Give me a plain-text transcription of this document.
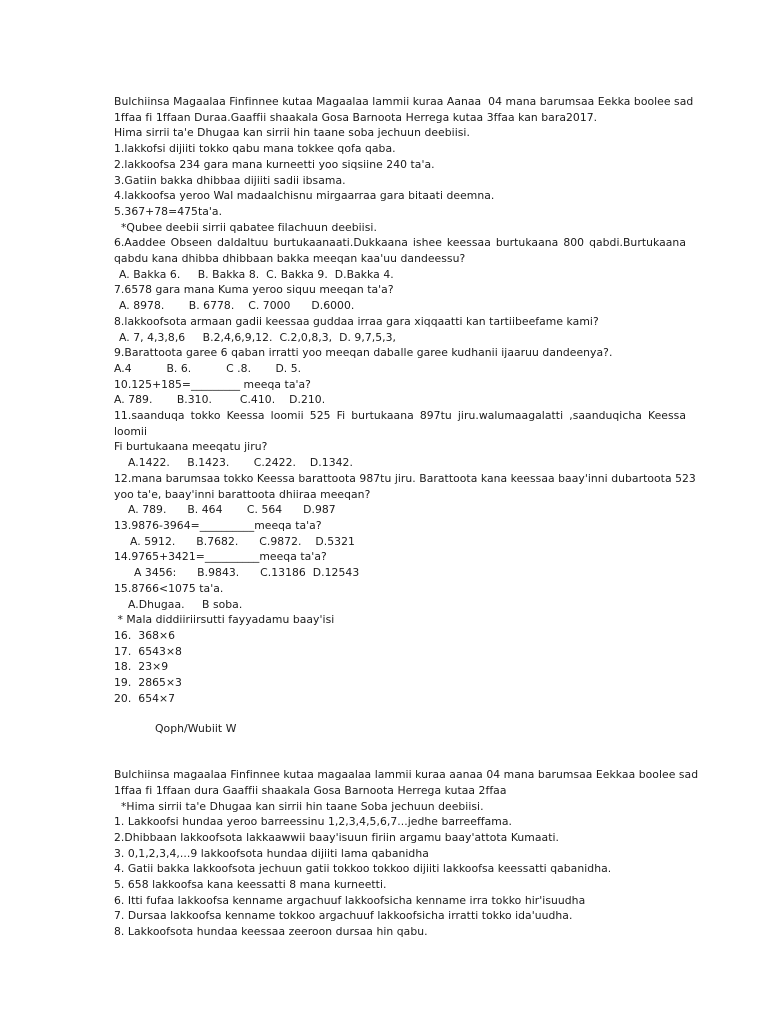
Bulchiinsa Magaalaa Finfinnee kutaa Magaalaa lammii kuraa Aanaa  04 mana barumsaa Eekka boolee sad
1ffaa fi 1ffaan Duraa.Gaaffii shaakala Gosa Barnoota Herrega kutaa 3ffaa kan bara2017.
Hima sirrii ta'e Dhugaa kan sirrii hin taane soba jechuun deebiisi.
1.lakkofsi dijiiti tokko qabu mana tokkee qofa qaba.
2.lakkoofsa 234 gara mana kurneetti yoo siqsiine 240 ta'a.
3.Gatiin bakka dhibbaa dijiiti sadii ibsama.
4.lakkoofsa yeroo Wal madaalchisnu mirgaarraa gara bitaati deemna.
5.367+78=475ta'a.
*Qubee deebii sirrii qabatee filachuun deebiisi.
6.Aaddee Obseen daldaltuu burtukaanaati.Dukkaana ishee keessaa burtukaana 800 qabdi.Burtukaana
qabdu kana dhibba dhibbaan bakka meeqan kaa'uu dandeessu?
A. Bakka 6.     B. Bakka 8.  C. Bakka 9.  D.Bakka 4.
7.6578 gara mana Kuma yeroo siquu meeqan ta'a?
A. 8978.       B. 6778.    C. 7000      D.6000.
8.lakkoofsota armaan gadii keessaa guddaa irraa gara xiqqaatti kan tartiibeefame kami?
A. 7, 4,3,8,6     B.2,4,6,9,12.  C.2,0,8,3,  D. 9,7,5,3,
9.Barattoota garee 6 qaban irratti yoo meeqan daballe garee kudhanii ijaaruu dandeenya?.
A.4          B. 6.          C .8.       D. 5.
10.125+185=_________ meeqa ta'a?
A. 789.       B.310.        C.410.    D.210.
11.saanduqa tokko Keessa loomii 525 Fi burtukaana 897tu jiru.walumaagalatti ,saanduqicha Keessa loomii
Fi burtukaana meeqatu jiru?
A.1422.     B.1423.       C.2422.    D.1342.
12.mana barumsaa tokko Keessa barattoota 987tu jiru. Barattoota kana keessaa baay'inni dubartoota 523
yoo ta'e, baay'inni barattoota dhiiraa meeqan?
A. 789.      B. 464       C. 564      D.987
13.9876-3964=__________meeqa ta'a?
A. 5912.      B.7682.      C.9872.    D.5321
14.9765+3421=__________meeqa ta'a?
A 3456:      B.9843.      C.13186  D.12543
15.8766<1075 ta'a.
A.Dhugaa.     B soba.
* Mala diddiiriirsutti fayyadamu baay'isi
16.  368×6
17.  6543×8
18.  23×9
19.  2865×3
20.  654×7
Qoph/Wubiit W
Bulchiinsa magaalaa Finfinnee kutaa magaalaa lammii kuraa aanaa 04 mana barumsaa Eekkaa boolee sad
1ffaa fi 1ffaan dura Gaaffii shaakala Gosa Barnoota Herrega kutaa 2ffaa
*Hima sirrii ta'e Dhugaa kan sirrii hin taane Soba jechuun deebiisi.
1. Lakkoofsi hundaa yeroo barreessinu 1,2,3,4,5,6,7...jedhe barreeffama.
2.Dhibbaan lakkoofsota lakkaawwii baay'isuun firiin argamu baay'attota Kumaati.
3. 0,1,2,3,4,...9 lakkoofsota hundaa dijiiti lama qabanidha
4. Gatii bakka lakkoofsota jechuun gatii tokkoo tokkoo dijiiti lakkoofsa keessatti qabanidha.
5. 658 lakkoofsa kana keessatti 8 mana kurneetti.
6. Itti fufaa lakkoofsa kenname argachuuf lakkoofsicha kenname irra tokko hir'isuudha
7. Dursaa lakkoofsa kenname tokkoo argachuuf lakkoofsicha irratti tokko ida'uudha.
8. Lakkoofsota hundaa keessaa zeeroon dursaa hin qabu.
